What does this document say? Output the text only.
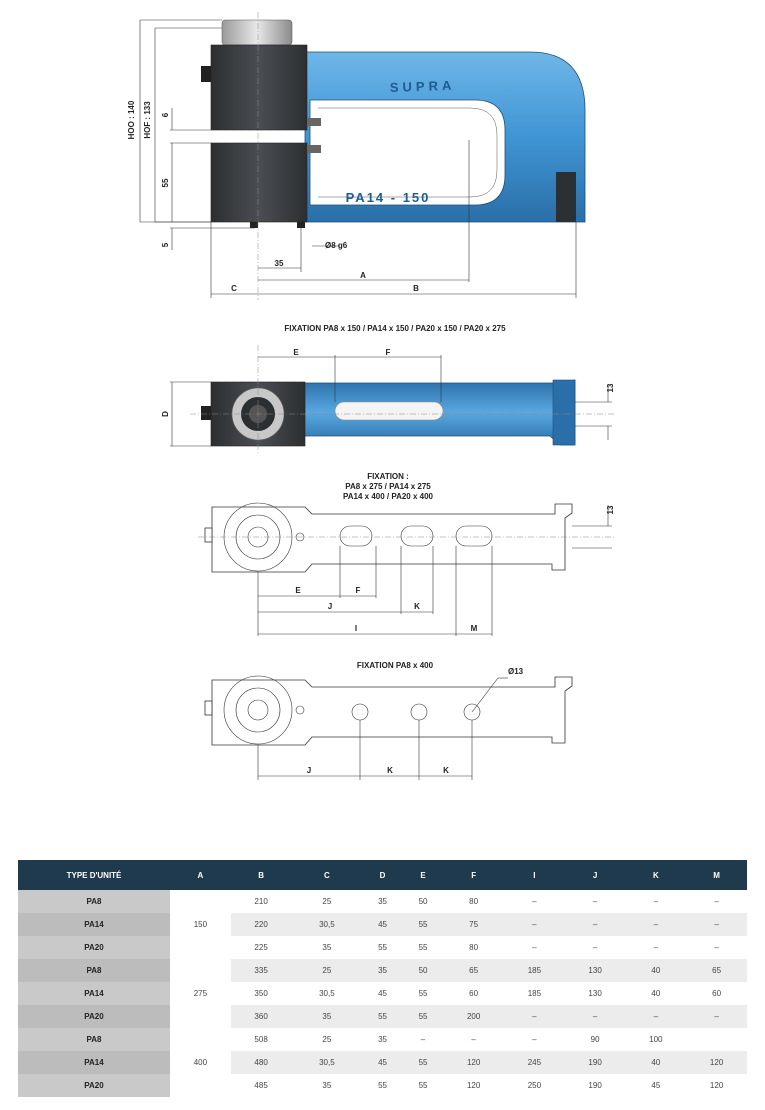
SUPRA
PA14 - 150
HOO : 140 HOF : 133 6
55
5	Ø8 g6
35
A
C	B
FIXATION PA8 x 150 / PA14 x 150 / PA20 x 150 / PA20 x 275
E	F
D
13
FIXATION :
PA8 x 275 / PA14 x 275
PA14 x 400 / PA20 x 400
13
E	F
J	K
I	M
FIXATION PA8 x 400
Ø13
J	K	K
TYPE D'UNITÉ	A	B	C	D	E	F	I	J	K	M
PA8	150	210	25	35	50	80	–	–	–	–
PA14		220	30,5	45	55	75	–	–	–	–
PA20		225	35	55	55	80	–	–	–	–
PA8	275	335	25	35	50	65	185	130	40	65
PA14		350	30,5	45	55	60	185	130	40	60
PA20		360	35	55	55	200	–	–	–	–
PA8	400	508	25	35	–	–	–	90	100	
PA14		480	30,5	45	55	120	245	190	40	120
PA20		485	35	55	55	120	250	190	45	120
